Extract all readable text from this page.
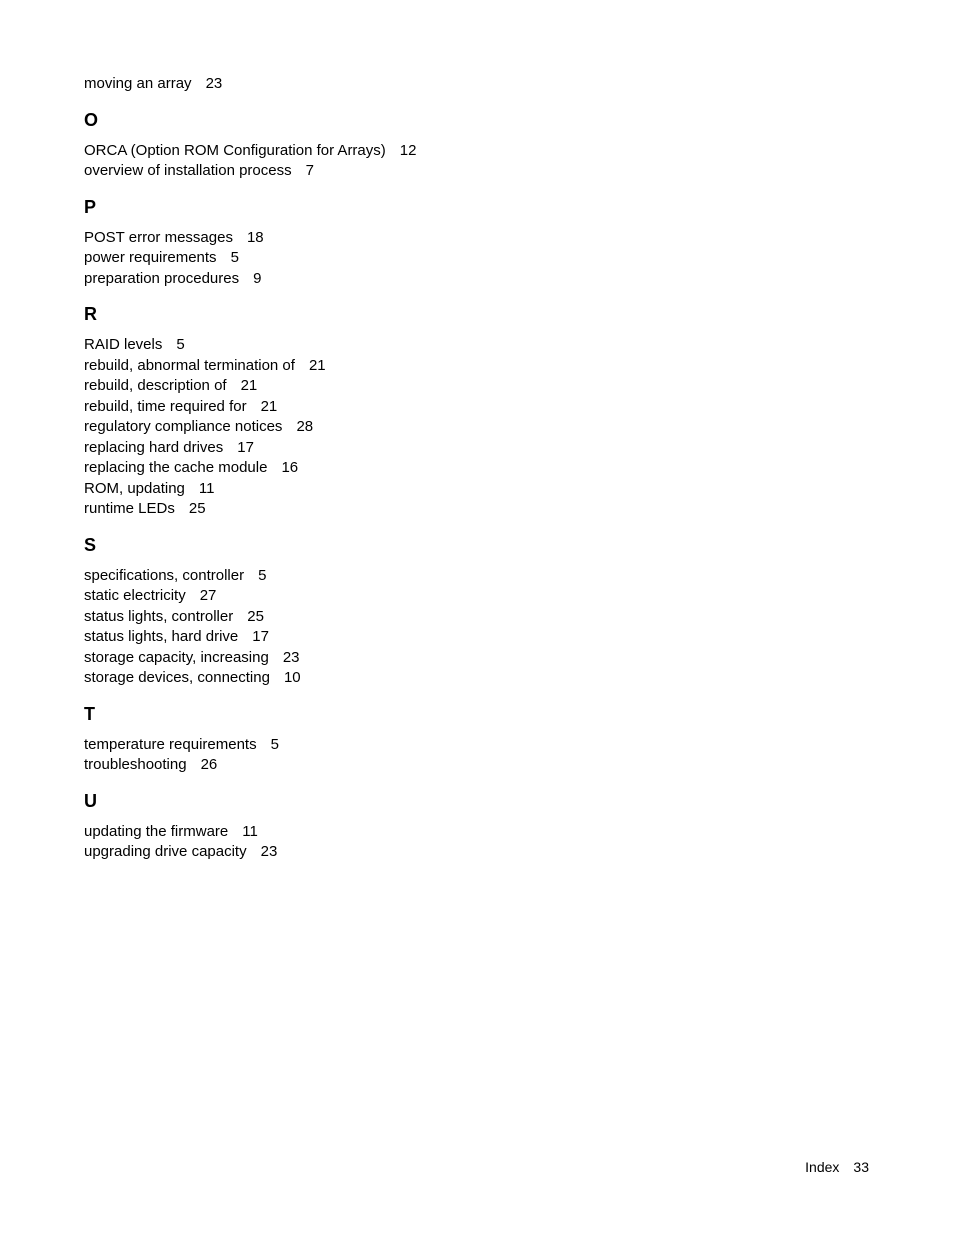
moving an array 23
O
ORCA (Option ROM Configuration for Arrays) 12
overview of installation process 7
P
POST error messages 18
power requirements 5
preparation procedures 9
R
RAID levels 5
rebuild, abnormal termination of 21
rebuild, description of 21
rebuild, time required for 21
regulatory compliance notices 28
replacing hard drives 17
replacing the cache module 16
ROM, updating 11
runtime LEDs 25
S
specifications, controller 5
static electricity 27
status lights, controller 25
status lights, hard drive 17
storage capacity, increasing 23
storage devices, connecting 10
T
temperature requirements 5
troubleshooting 26
U
updating the firmware 11
upgrading drive capacity 23
Index 33
